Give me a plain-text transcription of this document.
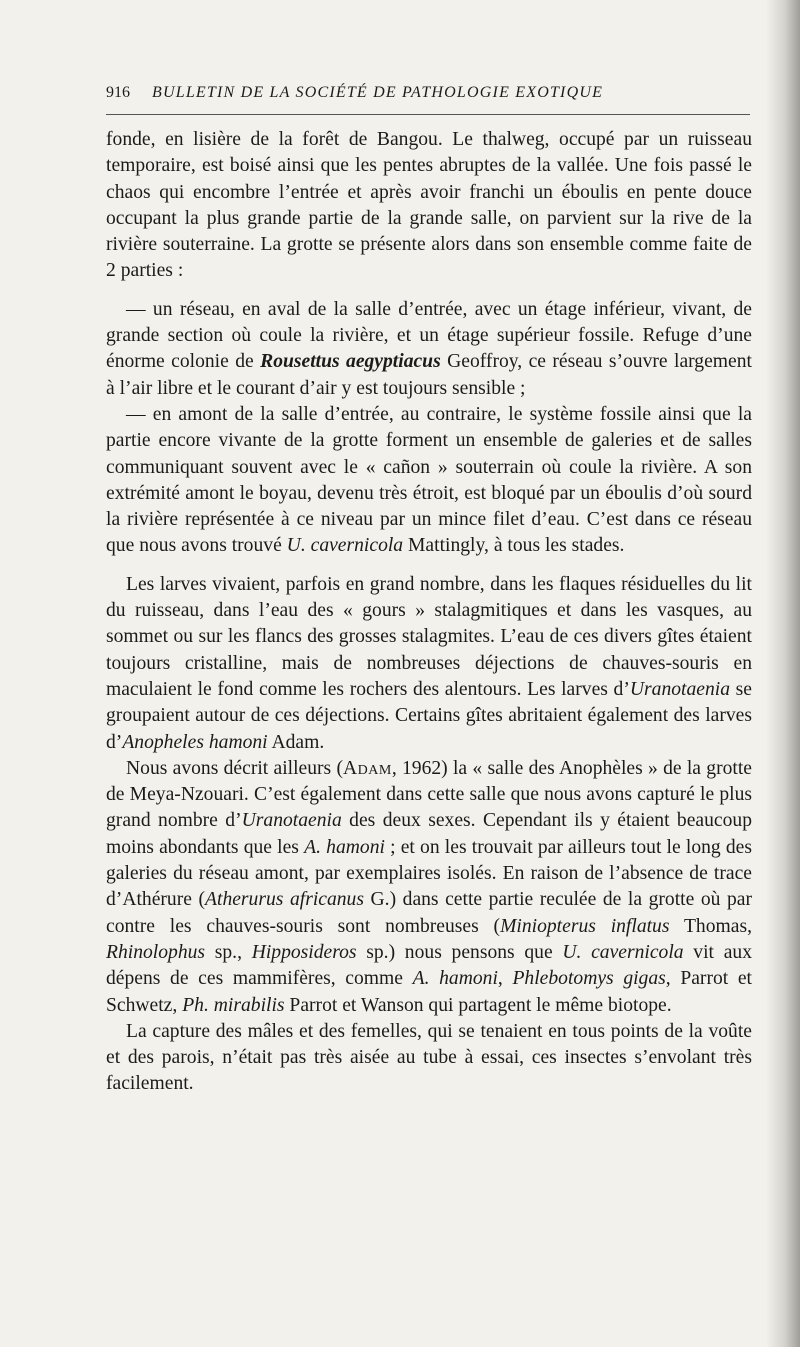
916 BULLETIN DE LA SOCIÉTÉ DE PATHOLOGIE EXOTIQUE

fonde, en lisière de la forêt de Bangou. Le thalweg, occupé par un ruisseau temporaire, est boisé ainsi que les pentes abruptes de la vallée. Une fois passé le chaos qui encombre l’entrée et après avoir franchi un éboulis en pente douce occupant la plus grande partie de la grande salle, on parvient sur la rive de la rivière souterraine. La grotte se présente alors dans son ensemble comme faite de 2 parties :

— un réseau, en aval de la salle d’entrée, avec un étage inférieur, vivant, de grande section où coule la rivière, et un étage supérieur fossile. Refuge d’une énorme colonie de Rousettus aegyptiacus Geoffroy, ce réseau s’ouvre largement à l’air libre et le courant d’air y est toujours sensible ;

— en amont de la salle d’entrée, au contraire, le système fossile ainsi que la partie encore vivante de la grotte forment un ensemble de galeries et de salles communiquant souvent avec le « cañon » souterrain où coule la rivière. A son extrémité amont le boyau, devenu très étroit, est bloqué par un éboulis d’où sourd la rivière représentée à ce niveau par un mince filet d’eau. C’est dans ce réseau que nous avons trouvé U. cavernicola Mattingly, à tous les stades.

Les larves vivaient, parfois en grand nombre, dans les flaques résiduelles du lit du ruisseau, dans l’eau des « gours » stalagmitiques et dans les vasques, au sommet ou sur les flancs des grosses stalagmites. L’eau de ces divers gîtes étaient toujours cristalline, mais de nombreuses déjections de chauves-souris en maculaient le fond comme les rochers des alentours. Les larves d’Uranotaenia se groupaient autour de ces déjections. Certains gîtes abritaient également des larves d’Anopheles hamoni Adam.

Nous avons décrit ailleurs (Adam, 1962) la « salle des Anophèles » de la grotte de Meya-Nzouari. C’est également dans cette salle que nous avons capturé le plus grand nombre d’Uranotaenia des deux sexes. Cependant ils y étaient beaucoup moins abondants que les A. hamoni ; et on les trouvait par ailleurs tout le long des galeries du réseau amont, par exemplaires isolés. En raison de l’absence de trace d’Athérure (Atherurus africanus G.) dans cette partie reculée de la grotte où par contre les chauves-souris sont nombreuses (Miniopterus inflatus Thomas, Rhinolophus sp., Hipposideros sp.) nous pensons que U. cavernicola vit aux dépens de ces mammifères, comme A. hamoni, Phlebotomys gigas, Parrot et Schwetz, Ph. mirabilis Parrot et Wanson qui partagent le même biotope.

La capture des mâles et des femelles, qui se tenaient en tous points de la voûte et des parois, n’était pas très aisée au tube à essai, ces insectes s’envolant très facilement.
